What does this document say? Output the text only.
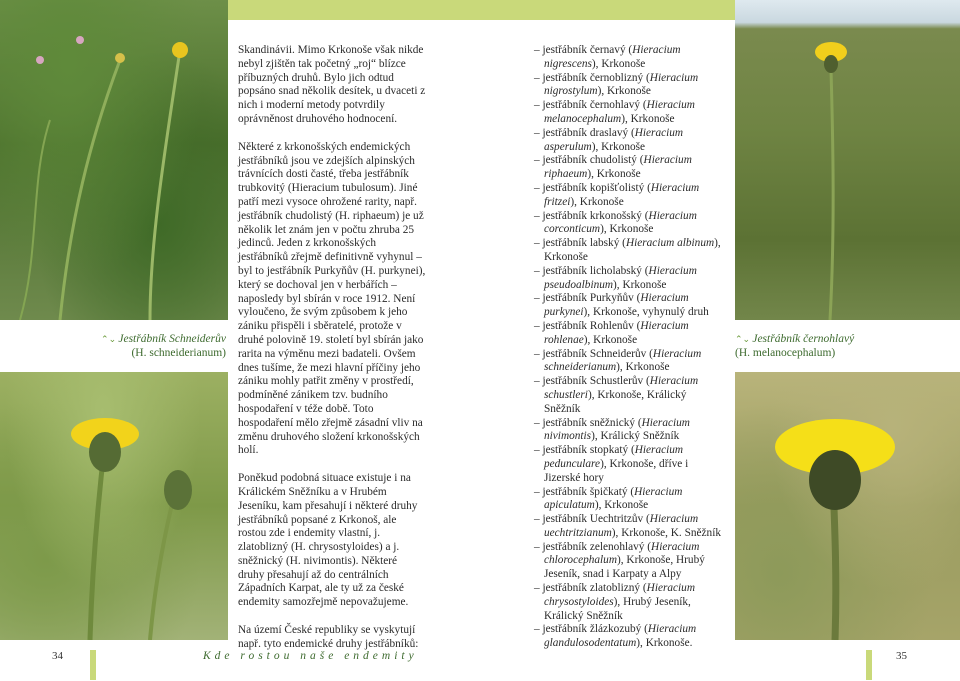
⌃⌄ Jestřábník Schneiderův
(H. schneiderianum)
⌃⌄ Jestřábník černohlavý
(H. melanocephalum)

Skandinávii. Mimo Krkonoše však nikde nebyl zjištěn tak početný „roj“ blízce příbuzných druhů. Bylo jich odtud popsáno snad několik desítek, u dvaceti z nich i moderní metody potvrdily oprávněnost druhového hodnocení.

Některé z krkonošských endemických jestřábníků jsou ve zdejších alpinských trávnících dosti časté, třeba jestřábník trubkovitý (Hieracium tubulosum). Jiné patří mezi vysoce ohrožené rarity, např. jestřábník chudolistý (H. riphaeum) je už několik let znám jen v počtu zhruba 25 jedinců. Jeden z krkonošských jestřábníků zřejmě definitivně vyhynul – byl to jestřábník Purkyňův (H. purkynei), který se dochoval jen v herbářích – naposledy byl sbírán v roce 1912. Není vyloučeno, že svým způsobem k jeho zániku přispěli i sběratelé, protože v druhé polovině 19. století byl sbírán jako rarita na výměnu mezi badateli. Ovšem dnes tušíme, že mezi hlavní příčiny jeho zániku mohly patřit změny v prostředí, podmíněné zánikem tzv. budního hospodaření v téže době. Toto hospodaření mělo zřejmě zásadní vliv na změnu druhového složení krkonošských holí.

Poněkud podobná situace existuje i na Králickém Sněžníku a v Hrubém Jeseníku, kam přesahují i některé druhy jestřábníků popsané z Krkonoš, ale rostou zde i endemity vlastní, j. zlatoblizný (H. chrysostyloides) a j. sněžnický (H. nivimontis). Některé druhy přesahují až do centrálních Západních Karpat, ale ty už za české endemity samozřejmě nepovažujeme.

Na území České republiky se vyskytují např. tyto endemické druhy jestřábníků:

– jestřábník černavý (Hieracium nigrescens), Krkonoše
– jestřábník černoblizný (Hieracium nigrostylum), Krkonoše
– jestřábník černohlavý (Hieracium melanocephalum), Krkonoše
– jestřábník draslavý (Hieracium asperulum), Krkonoše
– jestřábník chudolistý (Hieracium riphaeum), Krkonoše
– jestřábník kopišťolistý (Hieracium fritzei), Krkonoše
– jestřábník krkonošský (Hieracium corconticum), Krkonoše
– jestřábník labský (Hieracium albinum), Krkonoše
– jestřábník licholabský (Hieracium pseudoalbinum), Krkonoše
– jestřábník Purkyňův (Hieracium purkynei), Krkonoše, vyhynulý druh
– jestřábník Rohlenův (Hieracium rohlenae), Krkonoše
– jestřábník Schneiderův (Hieracium schneiderianum), Krkonoše
– jestřábník Schustlerův (Hieracium schustleri), Krkonoše, Králický Sněžník
– jestřábník sněžnický (Hieracium nivimontis), Králický Sněžník
– jestřábník stopkatý (Hieracium pedunculare), Krkonoše, dříve i Jizerské hory
– jestřábník špičkatý (Hieracium apiculatum), Krkonoše
– jestřábník Uechtritzův (Hieracium uechtritzianum), Krkonoše, K. Sněžník
– jestřábník zelenohlavý (Hieracium chlorocephalum), Krkonoše, Hrubý Jeseník, snad i Karpaty a Alpy
– jestřábník zlatoblizný (Hieracium chrysostyloides), Hrubý Jeseník, Králický Sněžník
– jestřábník žlázkozubý (Hieracium glandulosodentatum), Krkonoše.
34	Kde rostou naše endemity	35
